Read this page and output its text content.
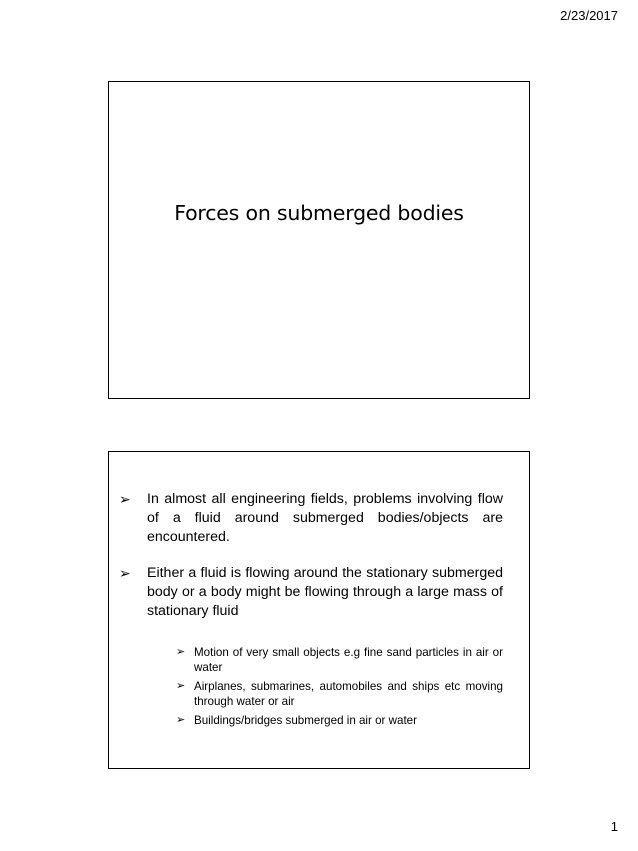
2/23/2017
Forces on submerged bodies
➢ In almost all engineering fields, problems involving flow of a fluid around submerged bodies/objects are encountered.
➢ Either a fluid is flowing around the stationary submerged body or a body might be flowing through a large mass of stationary fluid
➢ Motion of very small objects e.g fine sand particles in air or water
➢ Airplanes, submarines, automobiles and ships etc moving through water or air
➢ Buildings/bridges submerged in air or water
1
